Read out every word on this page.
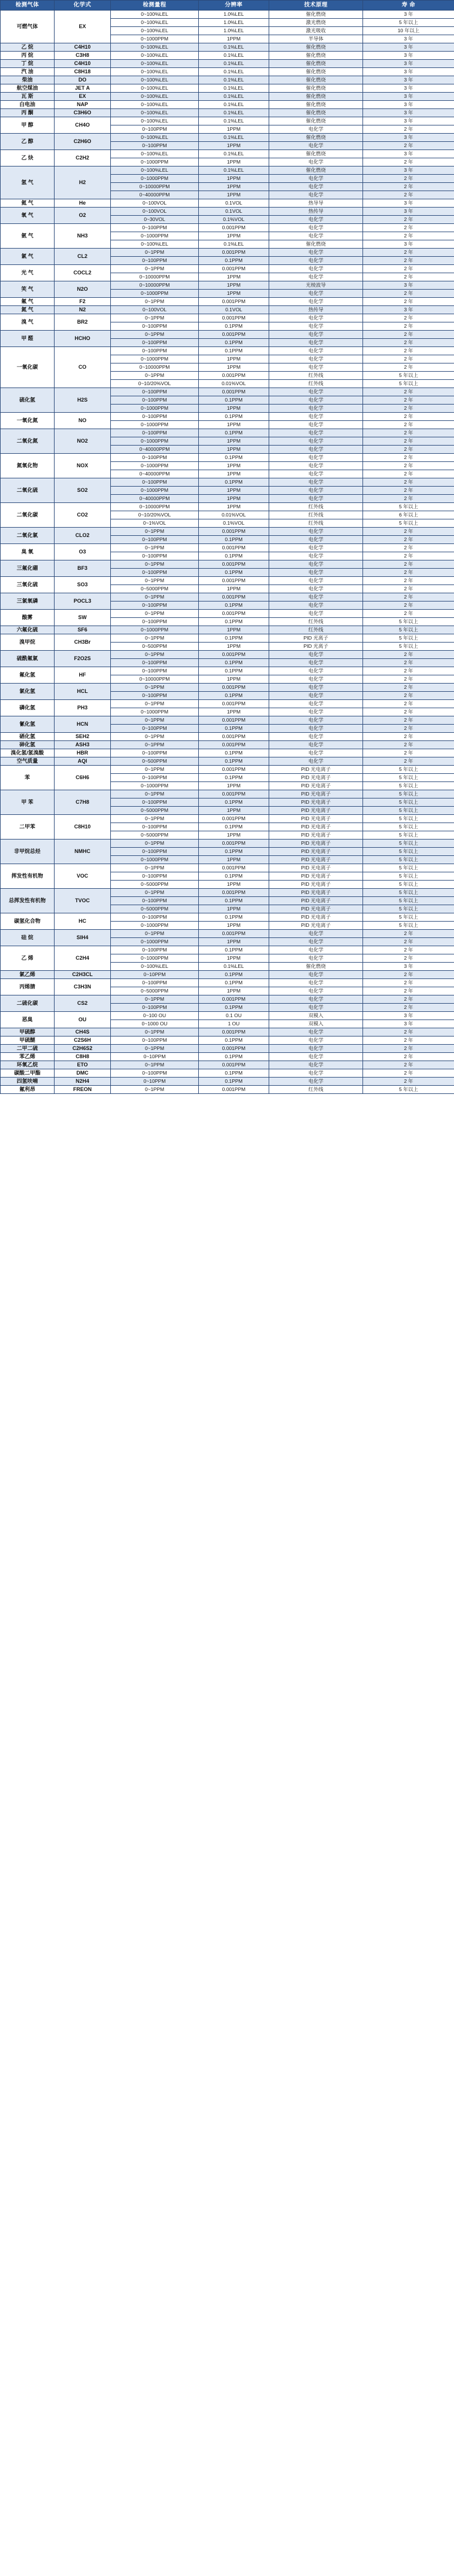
检测气体	化学式	检测量程	分辨率	技术原理	寿 命
可燃气体	EX	0~100%LEL	1.0%LEL	催化燃烧	3 年
		0~100%LEL	1.0%LEL	激光燃烧	5 年以上
		0~100%LEL	1.0%LEL	激光吸收	10 年以上
		0~1000PPM	1PPM	半导体	3 年
乙 烷	C4H10	0~100%LEL	0.1%LEL	催化燃烧	3 年
丙 烷	C3H8	0~100%LEL	0.1%LEL	催化燃烧	3 年
丁 烷	C4H10	0~100%LEL	0.1%LEL	催化燃烧	3 年
汽 油	C8H18	0~100%LEL	0.1%LEL	催化燃烧	3 年
柴油	DO	0~100%LEL	0.1%LEL	催化燃烧	3 年
航空煤油	JET A	0~100%LEL	0.1%LEL	催化燃烧	3 年
瓦 斯	EX	0~100%LEL	0.1%LEL	催化燃烧	3 年
白电油	NAP	0~100%LEL	0.1%LEL	催化燃烧	3 年
丙 酮	C3H6O	0~100%LEL	0.1%LEL	催化燃烧	3 年
甲 醇	CH4O	0~100%LEL	0.1%LEL	催化燃烧	3 年
		0~100PPM	1PPM	电化学	2 年
乙 醇	C2H6O	0~100%LEL	0.1%LEL	催化燃烧	3 年
		0~100PPM	1PPM	电化学	2 年
乙 炔	C2H2	0~100%LEL	0.1%LEL	催化燃烧	3 年
		0~1000PPM	1PPM	电化学	2 年
氢 气	H2	0~100%LEL	0.1%LEL	催化燃烧	3 年
		0~1000PPM	1PPM	电化学	2 年
		0~10000PPM	1PPM	电化学	2 年
		0~40000PPM	1PPM	电化学	2 年
氦 气	He	0~100VOL	0.1VOL	热导导	3 年
氧 气	O2	0~100VOL	0.1VOL	热传导	3 年
		0~30VOL	0.1%VOL	电化学	2 年
氨 气	NH3	0~100PPM	0.001PPM	电化学	2 年
		0~1000PPM	1PPM	电化学	2 年
		0~100%LEL	0.1%LEL	催化燃烧	3 年
氯 气	CL2	0~1PPM	0.001PPM	电化学	2 年
		0~100PPM	0.1PPM	电化学	2 年
光 气	COCL2	0~1PPM	0.001PPM	电化学	2 年
		0~10000PPM	1PPM	电化学	2 年
笑 气	N2O	0~10000PPM	1PPM	光棱波导	3 年
		0~1000PPM	1PPM	电化学	2 年
氟 气	F2	0~1PPM	0.001PPM	电化学	2 年
氮 气	N2	0~100VOL	0.1VOL	热传导	3 年
溴 气	BR2	0~1PPM	0.001PPM	电化学	2 年
		0~100PPM	0.1PPM	电化学	2 年
甲 醛	HCHO	0~1PPM	0.001PPM	电化学	2 年
		0~100PPM	0.1PPM	电化学	2 年
一氧化碳	CO	0~100PPM	0.1PPM	电化学	2 年
		0~1000PPM	1PPM	电化学	2 年
		0~10000PPM	1PPM	电化学	2 年
		0~1PPM	0.001PPM	红外线	5 年以上
		0~10/20%VOL	0.01%VOL	红外线	5 年以上
硫化氢	H2S	0~100PPM	0.001PPM	电化学	2 年
		0~100PPM	0.1PPM	电化学	2 年
		0~1000PPM	1PPM	电化学	2 年
一氧化氮	NO	0~100PPM	0.1PPM	电化学	2 年
		0~1000PPM	1PPM	电化学	2 年
二氧化氮	NO2	0~100PPM	0.1PPM	电化学	2 年
		0~1000PPM	1PPM	电化学	2 年
		0~40000PPM	1PPM	电化学	2 年
氮氧化物	NOX	0~100PPM	0.1PPM	电化学	2 年
		0~1000PPM	1PPM	电化学	2 年
		0~40000PPM	1PPM	电化学	2 年
二氧化硫	SO2	0~100PPM	0.1PPM	电化学	2 年
		0~1000PPM	1PPM	电化学	2 年
		0~40000PPM	1PPM	电化学	2 年
二氧化碳	CO2	0~10000PPM	1PPM	红外线	5 年以上
		0~10/20%VOL	0.01%VOL	红外线	6 年以上
		0~1%VOL	0.1%VOL	红外线	5 年以上
二氧化氯	CLO2	0~1PPM	0.001PPM	电化学	2 年
		0~100PPM	0.1PPM	电化学	2 年
臭 氧	O3	0~1PPM	0.001PPM	电化学	2 年
		0~100PPM	0.1PPM	电化学	2 年
三氟化硼	BF3	0~1PPM	0.001PPM	电化学	2 年
		0~100PPM	0.1PPM	电化学	2 年
三氧化硫	SO3	0~1PPM	0.001PPM	电化学	2 年
		0~5000PPM	1PPM	电化学	2 年
三氯氧磷	POCL3	0~1PPM	0.001PPM	电化学	2 年
		0~100PPM	0.1PPM	电化学	2 年
酸雾	SW	0~1PPM	0.001PPM	电化学	2 年
		0~100PPM	0.1PPM	红外线	5 年以上
六氟化硫	SF6	0~1000PPM	1PPM	红外线	5 年以上
溴甲烷	CH3Br	0~1PPM	0.1PPM	PID 光离子	5 年以上
		0~500PPM	1PPM	PID 光离子	5 年以上
硫酰氟氯	F2O2S	0~1PPM	0.001PPM	电化学	2 年
		0~100PPM	0.1PPM	电化学	2 年
氟化氢	HF	0~100PPM	0.1PPM	电化学	2 年
		0~10000PPM	1PPM	电化学	2 年
氯化氢	HCL	0~1PPM	0.001PPM	电化学	2 年
		0~100PPM	0.1PPM	电化学	2 年
磷化氢	PH3	0~1PPM	0.001PPM	电化学	2 年
		0~1000PPM	1PPM	电化学	2 年
氰化氢	HCN	0~1PPM	0.001PPM	电化学	2 年
		0~100PPM	0.1PPM	电化学	2 年
硒化氢	SEH2	0~1PPM	0.001PPM	电化学	2 年
砷化氢	ASH3	0~1PPM	0.001PPM	电化学	2 年
溴化氢/氢溴酸	HBR	0~100PPM	0.1PPM	电化学	2 年
空气质量	AQI	0~500PPM	0.1PPM	电化学	2 年
苯	C6H6	0~1PPM	0.001PPM	PID 光电离子	5 年以上
		0~100PPM	0.1PPM	PID 光电离子	5 年以上
		0~1000PPM	1PPM	PID 光电离子	5 年以上
甲 苯	C7H8	0~1PPM	0.001PPM	PID 光电离子	5 年以上
		0~100PPM	0.1PPM	PID 光电离子	5 年以上
		0~5000PPM	1PPM	PID 光电离子	5 年以上
二甲苯	C8H10	0~1PPM	0.001PPM	PID 光电离子	5 年以上
		0~100PPM	0.1PPM	PID 光电离子	5 年以上
		0~5000PPM	1PPM	PID 光电离子	5 年以上
非甲烷总烃	NMHC	0~1PPM	0.001PPM	PID 光电离子	5 年以上
		0~100PPM	0.1PPM	PID 光电离子	5 年以上
		0~1000PPM	1PPM	PID 光电离子	5 年以上
挥发性有机物	VOC	0~1PPM	0.001PPM	PID 光电离子	5 年以上
		0~100PPM	0.1PPM	PID 光电离子	5 年以上
		0~5000PPM	1PPM	PID 光电离子	5 年以上
总挥发性有机物	TVOC	0~1PPM	0.001PPM	PID 光电离子	5 年以上
		0~100PPM	0.1PPM	PID 光电离子	5 年以上
		0~5000PPM	1PPM	PID 光电离子	5 年以上
碳氢化合物	HC	0~100PPM	0.1PPM	PID 光电离子	5 年以上
		0~1000PPM	1PPM	PID 光电离子	5 年以上
硅 烷	SIH4	0~1PPM	0.001PPM	电化学	2 年
		0~1000PPM	1PPM	电化学	2 年
乙 烯	C2H4	0~100PPM	0.1PPM	电化学	2 年
		0~1000PPM	1PPM	电化学	2 年
		0~100%LEL	0.1%LEL	催化燃烧	3 年
氯乙烯	C2H3CL	0~10PPM	0.1PPM	电化学	2 年
丙烯腈	C3H3N	0~100PPM	0.1PPM	电化学	2 年
		0~5000PPM	1PPM	电化学	2 年
二硫化碳	CS2	0~1PPM	0.001PPM	电化学	2 年
		0~100PPM	0.1PPM	电化学	2 年
恶臭	OU	0~100 OU	0.1 OU	双模入	3 年
		0~1000 OU	1 OU	双模入	3 年
甲硫醇	CH4S	0~1PPM	0.001PPM	电化学	2 年
甲硫醚	C2S6H	0~100PPM	0.1PPM	电化学	2 年
二甲二硫	C2H6S2	0~1PPM	0.001PPM	电化学	2 年
苯乙烯	C8H8	0~10PPM	0.1PPM	电化学	2 年
环氧乙烷	ETO	0~1PPM	0.001PPM	电化学	2 年
碳酸二甲酯	DMC	0~100PPM	0.1PPM	电化学	2 年
四氢呋喃	N2H4	0~10PPM	0.1PPM	电化学	2 年
氟利昂	FREON	0~1PPM	0.001PPM	红外线	5 年以上
